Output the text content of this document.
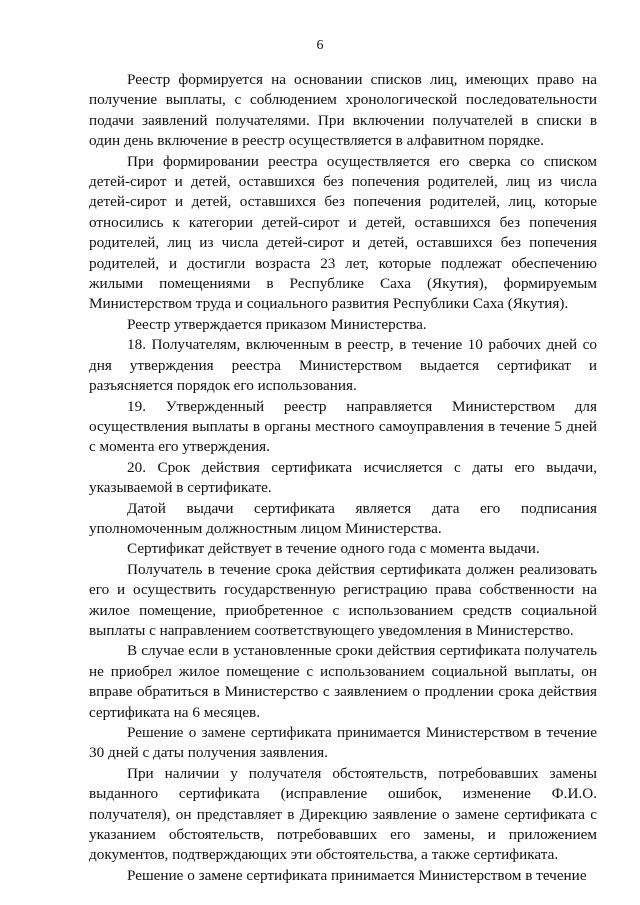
6

Реестр формируется на основании списков лиц, имеющих право на получение выплаты, с соблюдением хронологической последовательности подачи заявлений получателями. При включении получателей в списки в один день включение в реестр осуществляется в алфавитном порядке.

При формировании реестра осуществляется его сверка со списком детей-сирот и детей, оставшихся без попечения родителей, лиц из числа детей-сирот и детей, оставшихся без попечения родителей, лиц, которые относились к категории детей-сирот и детей, оставшихся без попечения родителей, лиц из числа детей-сирот и детей, оставшихся без попечения родителей, и достигли возраста 23 лет, которые подлежат обеспечению жилыми помещениями в Республике Саха (Якутия), формируемым Министерством труда и социального развития Республики Саха (Якутия).

Реестр утверждается приказом Министерства.

18. Получателям, включенным в реестр, в течение 10 рабочих дней со дня утверждения реестра Министерством выдается сертификат и разъясняется порядок его использования.

19. Утвержденный реестр направляется Министерством для осуществления выплаты в органы местного самоуправления в течение 5 дней с момента его утверждения.

20. Срок действия сертификата исчисляется с даты его выдачи, указываемой в сертификате.

Датой выдачи сертификата является дата его подписания уполномоченным должностным лицом Министерства.

Сертификат действует в течение одного года с момента выдачи.

Получатель в течение срока действия сертификата должен реализовать его и осуществить государственную регистрацию права собственности на жилое помещение, приобретенное с использованием средств социальной выплаты с направлением соответствующего уведомления в Министерство.

В случае если в установленные сроки действия сертификата получатель не приобрел жилое помещение с использованием социальной выплаты, он вправе обратиться в Министерство с заявлением о продлении срока действия сертификата на 6 месяцев.

Решение о замене сертификата принимается Министерством в течение 30 дней с даты получения заявления.

При наличии у получателя обстоятельств, потребовавших замены выданного сертификата (исправление ошибок, изменение Ф.И.О. получателя), он представляет в Дирекцию заявление о замене сертификата с указанием обстоятельств, потребовавших его замены, и приложением документов, подтверждающих эти обстоятельства, а также сертификата.

Решение о замене сертификата принимается Министерством в течение
